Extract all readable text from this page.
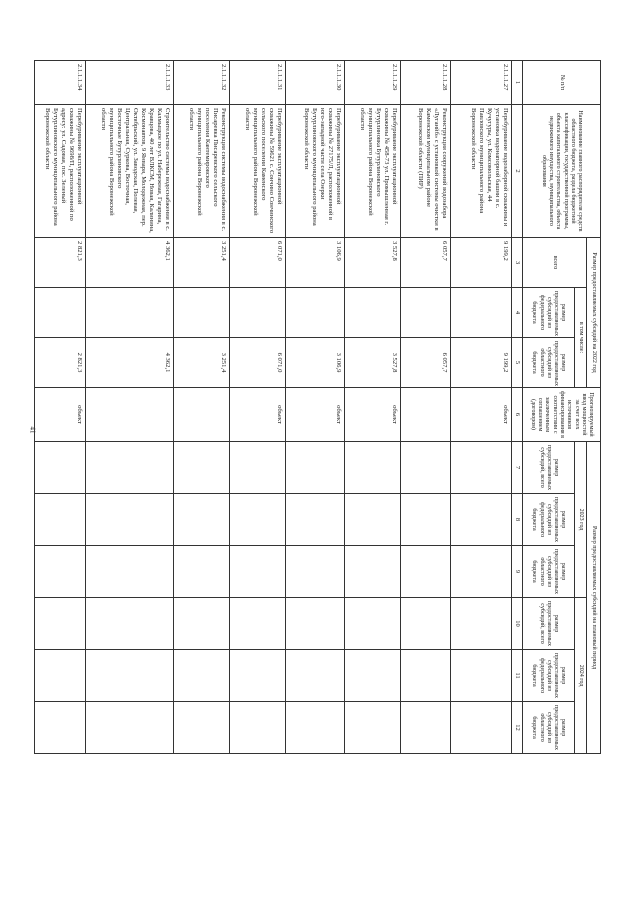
41
№ п/п	Наименование главного распорядителя средств областного бюджета, раздела бюджетной классификации, государственной программы, объекта капитального строительства, объекта недвижимого имущества, муниципального образования	Размер предоставляемых субсидий на 2022 год			Прогнозируемый ввод мощностей за счет всех источников финансирования в соответствии с заключенным соглашением (договором)	Размер предоставляемых субсидий на плановый период						
		всего	в том числе:			2023 год			2024 год			
			размер предоставляемых субсидий из федерального бюджета	размер предоставляемых субсидий из областного бюджета		размер предоставляемых субсидий, всего	размер предоставляемых субсидий из федерального бюджета	размер предоставляемых субсидий из областного бюджета	размер предоставляемых субсидий, всего	размер предоставляемых субсидий из федерального бюджета	размер предоставляемых субсидий из областного бюджета	

1	2	3	4	5	6	7	8	9	10	11	12	
2.1.1.1.27	Перебуривание водозаборной скважины и установка водонапорной башни в с. Кучугуры, ул. Комсомольская, 44 Павловского муниципального района Воронежской области	9 199,2		9 199,2	объект							
2.1.1.1.28	Реконструкция сооружений водозабора «Луганйб» с установкой системы очистки в Каменском муниципальном районе Воронежской области (ПИР)	6 057,7		6 057,7								
2.1.1.1.29	Перебуривание эксплуатационной скважины № 458-73 ул. Промышленная г. Бутурлиновка Бутурлиновского муниципального района Воронежской области	3 527,8		3 527,8	объект							
2.1.1.1.30	Перебуривание эксплуатационной скважины № 27175/Л, расположенной в юго-западной части села Озерки Бутурлиновского муниципального района Воронежской области	3 106,9		3 106,9	объект							
2.1.1.1.31	Перебуривание эксплуатационной скважины № 59621 с. Сончино Сончинского сельского поселения Каменского муниципального района Воронежской области	6 071,0		6 071,0	объект							
2.1.1.1.32	Реконструкция системы водоснабжения в с. Писаревка Писаревского сельского поселения Кантемировского муниципального района Воронежской области	3 251,4		3 251,4								
2.1.1.1.33	Строительство системы водоснабжения в с. Калмыцкое по ул. Набережная, Гагарина, Кравцова, 40 лет ВЛКСМ, Новая, Калинина, Космонавтов, 9 Января, Молодежная, пер. Октябрьский, ул. Заводская, Полевая, Центральная, Суркова, Восточная, Восточные Бутурлиновского муниципального района Воронежской области	4 362,1		4 362,1								
2.1.1.1.34	Перебуривание эксплуатационной скважины № 9698/П, расположенной по адресу: ул. Садовая, пос. Зеленый Бутурлиновского муниципального района Воронежской области	2 821,3		2 821,3	объект							
